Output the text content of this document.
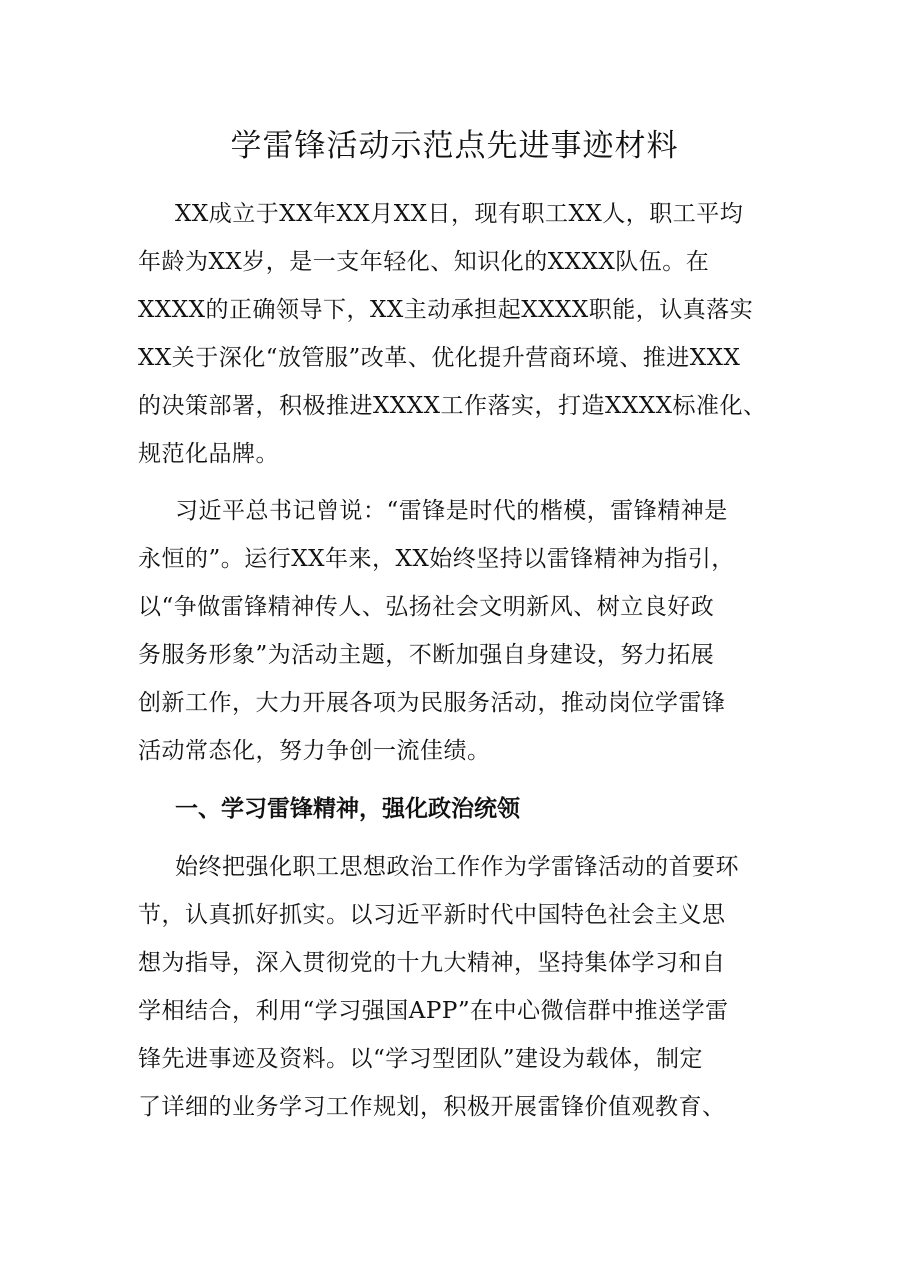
学雷锋活动示范点先进事迹材料
XX成立于XX年XX月XX日，现有职工XX人，职工平均
年龄为XX岁，是一支年轻化、知识化的XXXX队伍。在
XXXX的正确领导下，XX主动承担起XXXX职能，认真落实
XX关于深化“放管服”改革、优化提升营商环境、推进XXX
的决策部署，积极推进XXXX工作落实，打造XXXX标准化、
规范化品牌。
习近平总书记曾说：“雷锋是时代的楷模，雷锋精神是
永恒的”。运行XX年来，XX始终坚持以雷锋精神为指引，
以“争做雷锋精神传人、弘扬社会文明新风、树立良好政
务服务形象”为活动主题，不断加强自身建设，努力拓展
创新工作，大力开展各项为民服务活动，推动岗位学雷锋
活动常态化，努力争创一流佳绩。
一、学习雷锋精神，强化政治统领
始终把强化职工思想政治工作作为学雷锋活动的首要环
节，认真抓好抓实。以习近平新时代中国特色社会主义思
想为指导，深入贯彻党的十九大精神，坚持集体学习和自
学相结合，利用“学习强国APP”在中心微信群中推送学雷
锋先进事迹及资料。以“学习型团队”建设为载体，制定
了详细的业务学习工作规划，积极开展雷锋价值观教育、
